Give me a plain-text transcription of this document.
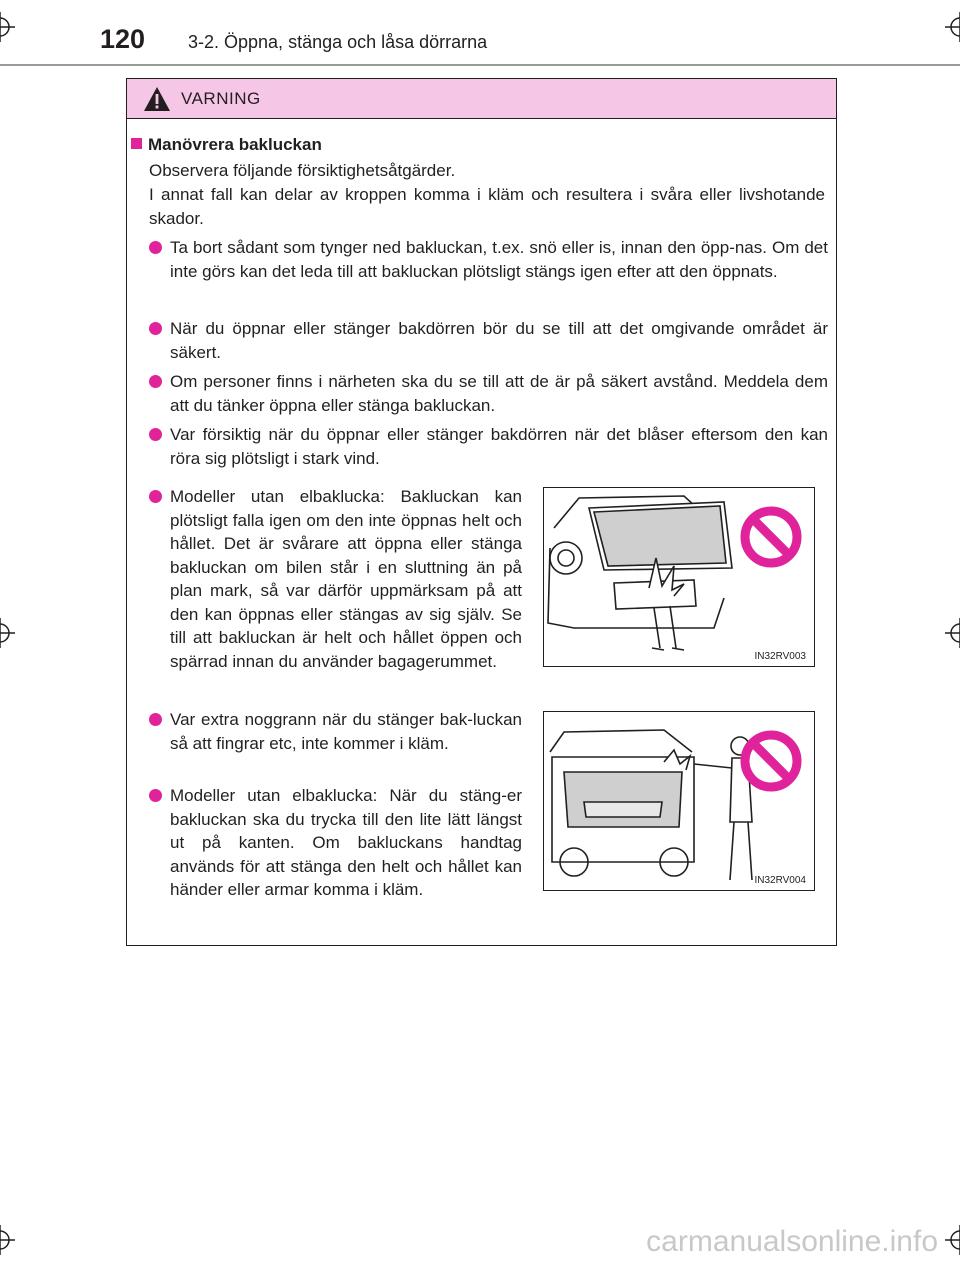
120 3-2. Öppna, stänga och låsa dörrarna
VARNING
Manövrera bakluckan
Observera följande försiktighetsåtgärder.
I annat fall kan delar av kroppen komma i kläm och resultera i svåra eller livshotande skador.
Ta bort sådant som tynger ned bakluckan, t.ex. snö eller is, innan den öpp-nas. Om det inte görs kan det leda till att bakluckan plötsligt stängs igen efter att den öppnats.
När du öppnar eller stänger bakdörren bör du se till att det omgivande området är säkert.
Om personer finns i närheten ska du se till att de är på säkert avstånd. Meddela dem att du tänker öppna eller stänga bakluckan.
Var försiktig när du öppnar eller stänger bakdörren när det blåser eftersom den kan röra sig plötsligt i stark vind.
Modeller utan elbaklucka: Bakluckan kan plötsligt falla igen om den inte öppnas helt och hållet. Det är svårare att öppna eller stänga bakluckan om bilen står i en sluttning än på plan mark, så var därför uppmärksam på att den kan öppnas eller stängas av sig själv. Se till att bakluckan är helt och hållet öppen och spärrad innan du använder bagagerummet.
Var extra noggrann när du stänger bak-luckan så att fingrar etc, inte kommer i kläm.
Modeller utan elbaklucka: När du stäng-er bakluckan ska du trycka till den lite lätt längst ut på kanten. Om bakluckans handtag används för att stänga den helt och hållet kan händer eller armar komma i kläm.
IN32RV003
IN32RV004
carmanualsonline.info
